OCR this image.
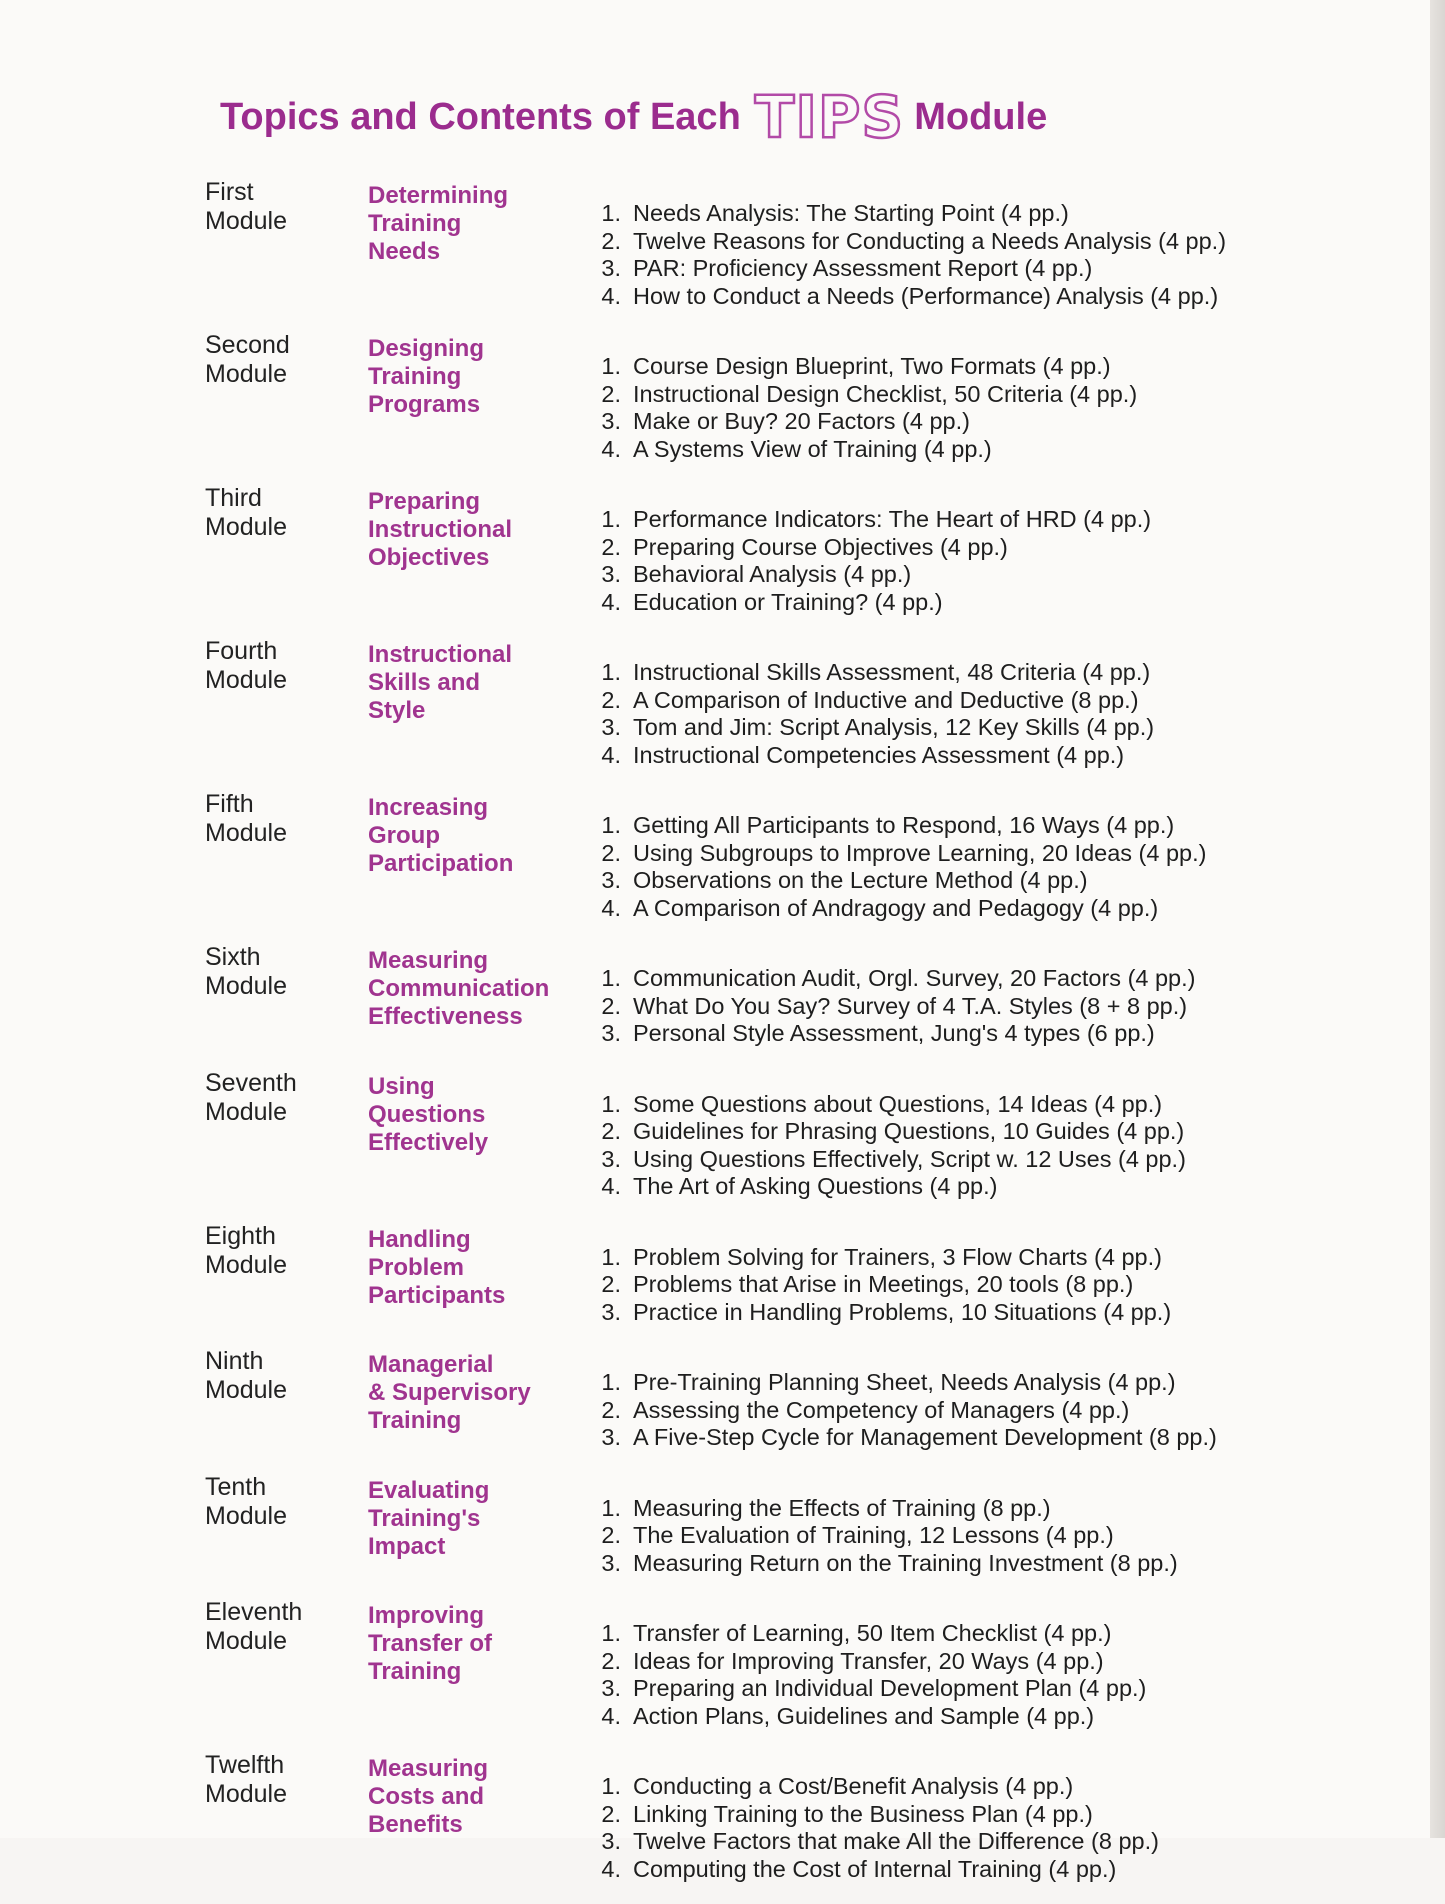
Topics and Contents of Each TIPS Module
First
Module
Determining
Training
Needs
1. Needs Analysis: The Starting Point (4 pp.)
2. Twelve Reasons for Conducting a Needs Analysis (4 pp.)
3. PAR: Proficiency Assessment Report (4 pp.)
4. How to Conduct a Needs (Performance) Analysis (4 pp.)
Second
Module
Designing
Training
Programs
1. Course Design Blueprint, Two Formats (4 pp.)
2. Instructional Design Checklist, 50 Criteria (4 pp.)
3. Make or Buy? 20 Factors (4 pp.)
4. A Systems View of Training (4 pp.)
Third
Module
Preparing
Instructional
Objectives
1. Performance Indicators: The Heart of HRD (4 pp.)
2. Preparing Course Objectives (4 pp.)
3. Behavioral Analysis (4 pp.)
4. Education or Training? (4 pp.)
Fourth
Module
Instructional
Skills and
Style
1. Instructional Skills Assessment, 48 Criteria (4 pp.)
2. A Comparison of Inductive and Deductive (8 pp.)
3. Tom and Jim: Script Analysis, 12 Key Skills (4 pp.)
4. Instructional Competencies Assessment (4 pp.)
Fifth
Module
Increasing
Group
Participation
1. Getting All Participants to Respond, 16 Ways (4 pp.)
2. Using Subgroups to Improve Learning, 20 Ideas (4 pp.)
3. Observations on the Lecture Method (4 pp.)
4. A Comparison of Andragogy and Pedagogy (4 pp.)
Sixth
Module
Measuring
Communication
Effectiveness
1. Communication Audit, Orgl. Survey, 20 Factors (4 pp.)
2. What Do You Say? Survey of 4 T.A. Styles (8 + 8 pp.)
3. Personal Style Assessment, Jung's 4 types (6 pp.)
Seventh
Module
Using
Questions
Effectively
1. Some Questions about Questions, 14 Ideas (4 pp.)
2. Guidelines for Phrasing Questions, 10 Guides (4 pp.)
3. Using Questions Effectively, Script w. 12 Uses (4 pp.)
4. The Art of Asking Questions (4 pp.)
Eighth
Module
Handling
Problem
Participants
1. Problem Solving for Trainers, 3 Flow Charts (4 pp.)
2. Problems that Arise in Meetings, 20 tools (8 pp.)
3. Practice in Handling Problems, 10 Situations (4 pp.)
Ninth
Module
Managerial
& Supervisory
Training
1. Pre-Training Planning Sheet, Needs Analysis (4 pp.)
2. Assessing the Competency of Managers (4 pp.)
3. A Five-Step Cycle for Management Development (8 pp.)
Tenth
Module
Evaluating
Training's
Impact
1. Measuring the Effects of Training (8 pp.)
2. The Evaluation of Training, 12 Lessons (4 pp.)
3. Measuring Return on the Training Investment (8 pp.)
Eleventh
Module
Improving
Transfer of
Training
1. Transfer of Learning, 50 Item Checklist (4 pp.)
2. Ideas for Improving Transfer, 20 Ways (4 pp.)
3. Preparing an Individual Development Plan (4 pp.)
4. Action Plans, Guidelines and Sample (4 pp.)
Twelfth
Module
Measuring
Costs and
Benefits
1. Conducting a Cost/Benefit Analysis (4 pp.)
2. Linking Training to the Business Plan (4 pp.)
3. Twelve Factors that make All the Difference (8 pp.)
4. Computing the Cost of Internal Training (4 pp.)
